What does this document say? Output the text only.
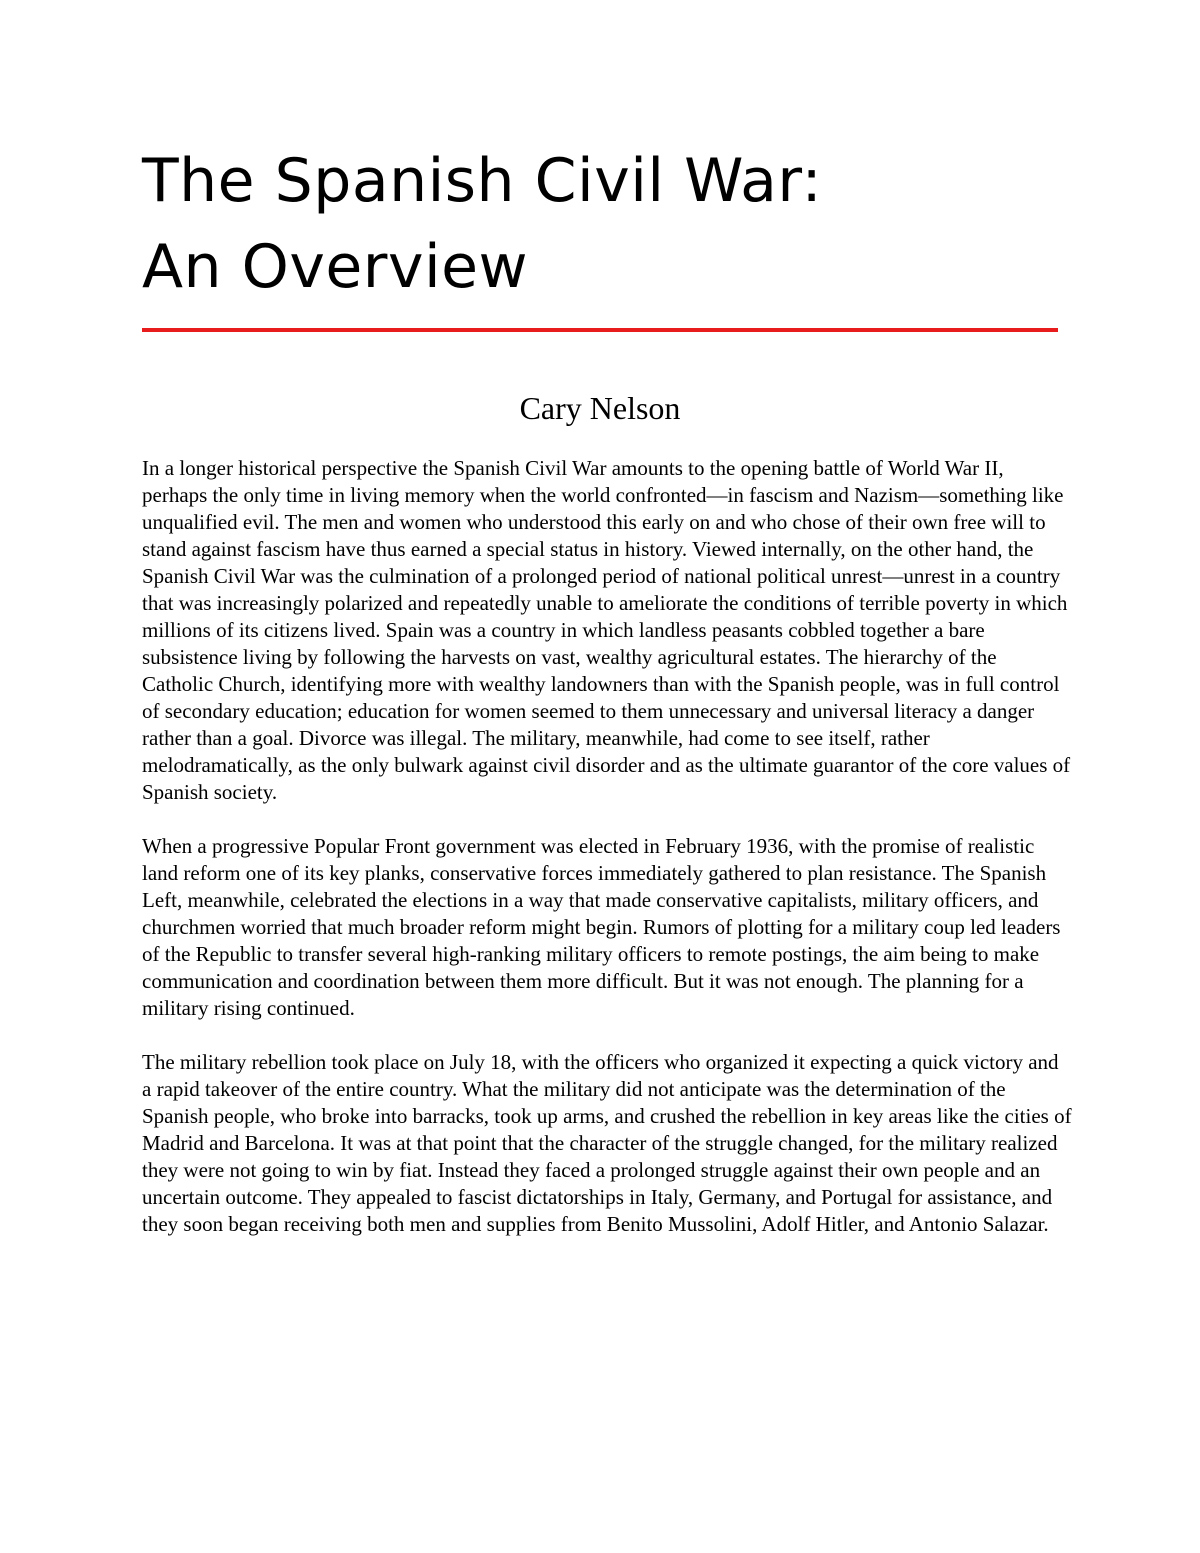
The Spanish Civil War:
An Overview

Cary Nelson

In a longer historical perspective the Spanish Civil War amounts to the opening battle of World War II, perhaps the only time in living memory when the world confronted—in fascism and Nazism—something like unqualified evil. The men and women who understood this early on and who chose of their own free will to stand against fascism have thus earned a special status in history. Viewed internally, on the other hand, the Spanish Civil War was the culmination of a prolonged period of national political unrest—unrest in a country that was increasingly polarized and repeatedly unable to ameliorate the conditions of terrible poverty in which millions of its citizens lived. Spain was a country in which landless peasants cobbled together a bare subsistence living by following the harvests on vast, wealthy agricultural estates. The hierarchy of the Catholic Church, identifying more with wealthy landowners than with the Spanish people, was in full control of secondary education; education for women seemed to them unnecessary and universal literacy a danger rather than a goal. Divorce was illegal. The military, meanwhile, had come to see itself, rather melodramatically, as the only bulwark against civil disorder and as the ultimate guarantor of the core values of Spanish society.

When a progressive Popular Front government was elected in February 1936, with the promise of realistic land reform one of its key planks, conservative forces immediately gathered to plan resistance. The Spanish Left, meanwhile, celebrated the elections in a way that made conservative capitalists, military officers, and churchmen worried that much broader reform might begin. Rumors of plotting for a military coup led leaders of the Republic to transfer several high-ranking military officers to remote postings, the aim being to make communication and coordination between them more difficult. But it was not enough. The planning for a military rising continued.

The military rebellion took place on July 18, with the officers who organized it expecting a quick victory and a rapid takeover of the entire country. What the military did not anticipate was the determination of the Spanish people, who broke into barracks, took up arms, and crushed the rebellion in key areas like the cities of Madrid and Barcelona. It was at that point that the character of the struggle changed, for the military realized they were not going to win by fiat. Instead they faced a prolonged struggle against their own people and an uncertain outcome. They appealed to fascist dictatorships in Italy, Germany, and Portugal for assistance, and they soon began receiving both men and supplies from Benito Mussolini, Adolf Hitler, and Antonio Salazar.
